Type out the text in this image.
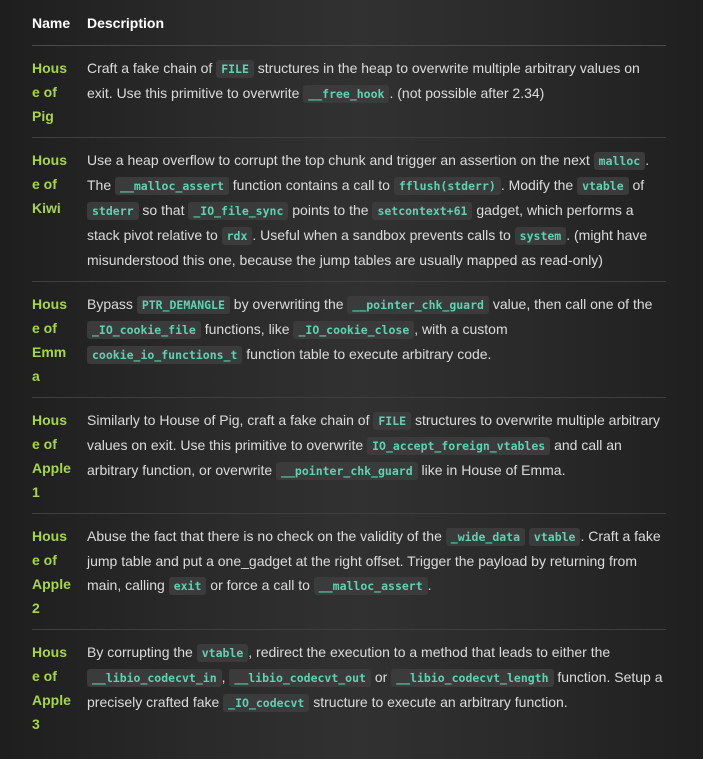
Name	Description
Hous
e of
Pig
Craft a fake chain of FILE structures in the heap to overwrite multiple arbitrary values on exit. Use this primitive to overwrite __free_hook . (not possible after 2.34)
Hous
e of
Kiwi
Use a heap overflow to corrupt the top chunk and trigger an assertion on the next malloc . The __malloc_assert function contains a call to fflush(stderr) . Modify the vtable of stderr so that _IO_file_sync points to the setcontext+61 gadget, which performs a stack pivot relative to rdx . Useful when a sandbox prevents calls to system . (might have misunderstood this one, because the jump tables are usually mapped as read-only)
Hous
e of
Emm
a
Bypass PTR_DEMANGLE by overwriting the __pointer_chk_guard value, then call one of the _IO_cookie_file functions, like _IO_cookie_close , with a custom cookie_io_functions_t function table to execute arbitrary code.
Hous
e of
Apple
1
Similarly to House of Pig, craft a fake chain of FILE structures to overwrite multiple arbitrary values on exit. Use this primitive to overwrite IO_accept_foreign_vtables and call an arbitrary function, or overwrite __pointer_chk_guard like in House of Emma.
Hous
e of
Apple
2
Abuse the fact that there is no check on the validity of the _wide_data vtable . Craft a fake jump table and put a one_gadget at the right offset. Trigger the payload by returning from main, calling exit or force a call to __malloc_assert .
Hous
e of
Apple
3
By corrupting the vtable , redirect the execution to a method that leads to either the __libio_codecvt_in , __libio_codecvt_out or __libio_codecvt_length function. Setup a precisely crafted fake _IO_codecvt structure to execute an arbitrary function.
